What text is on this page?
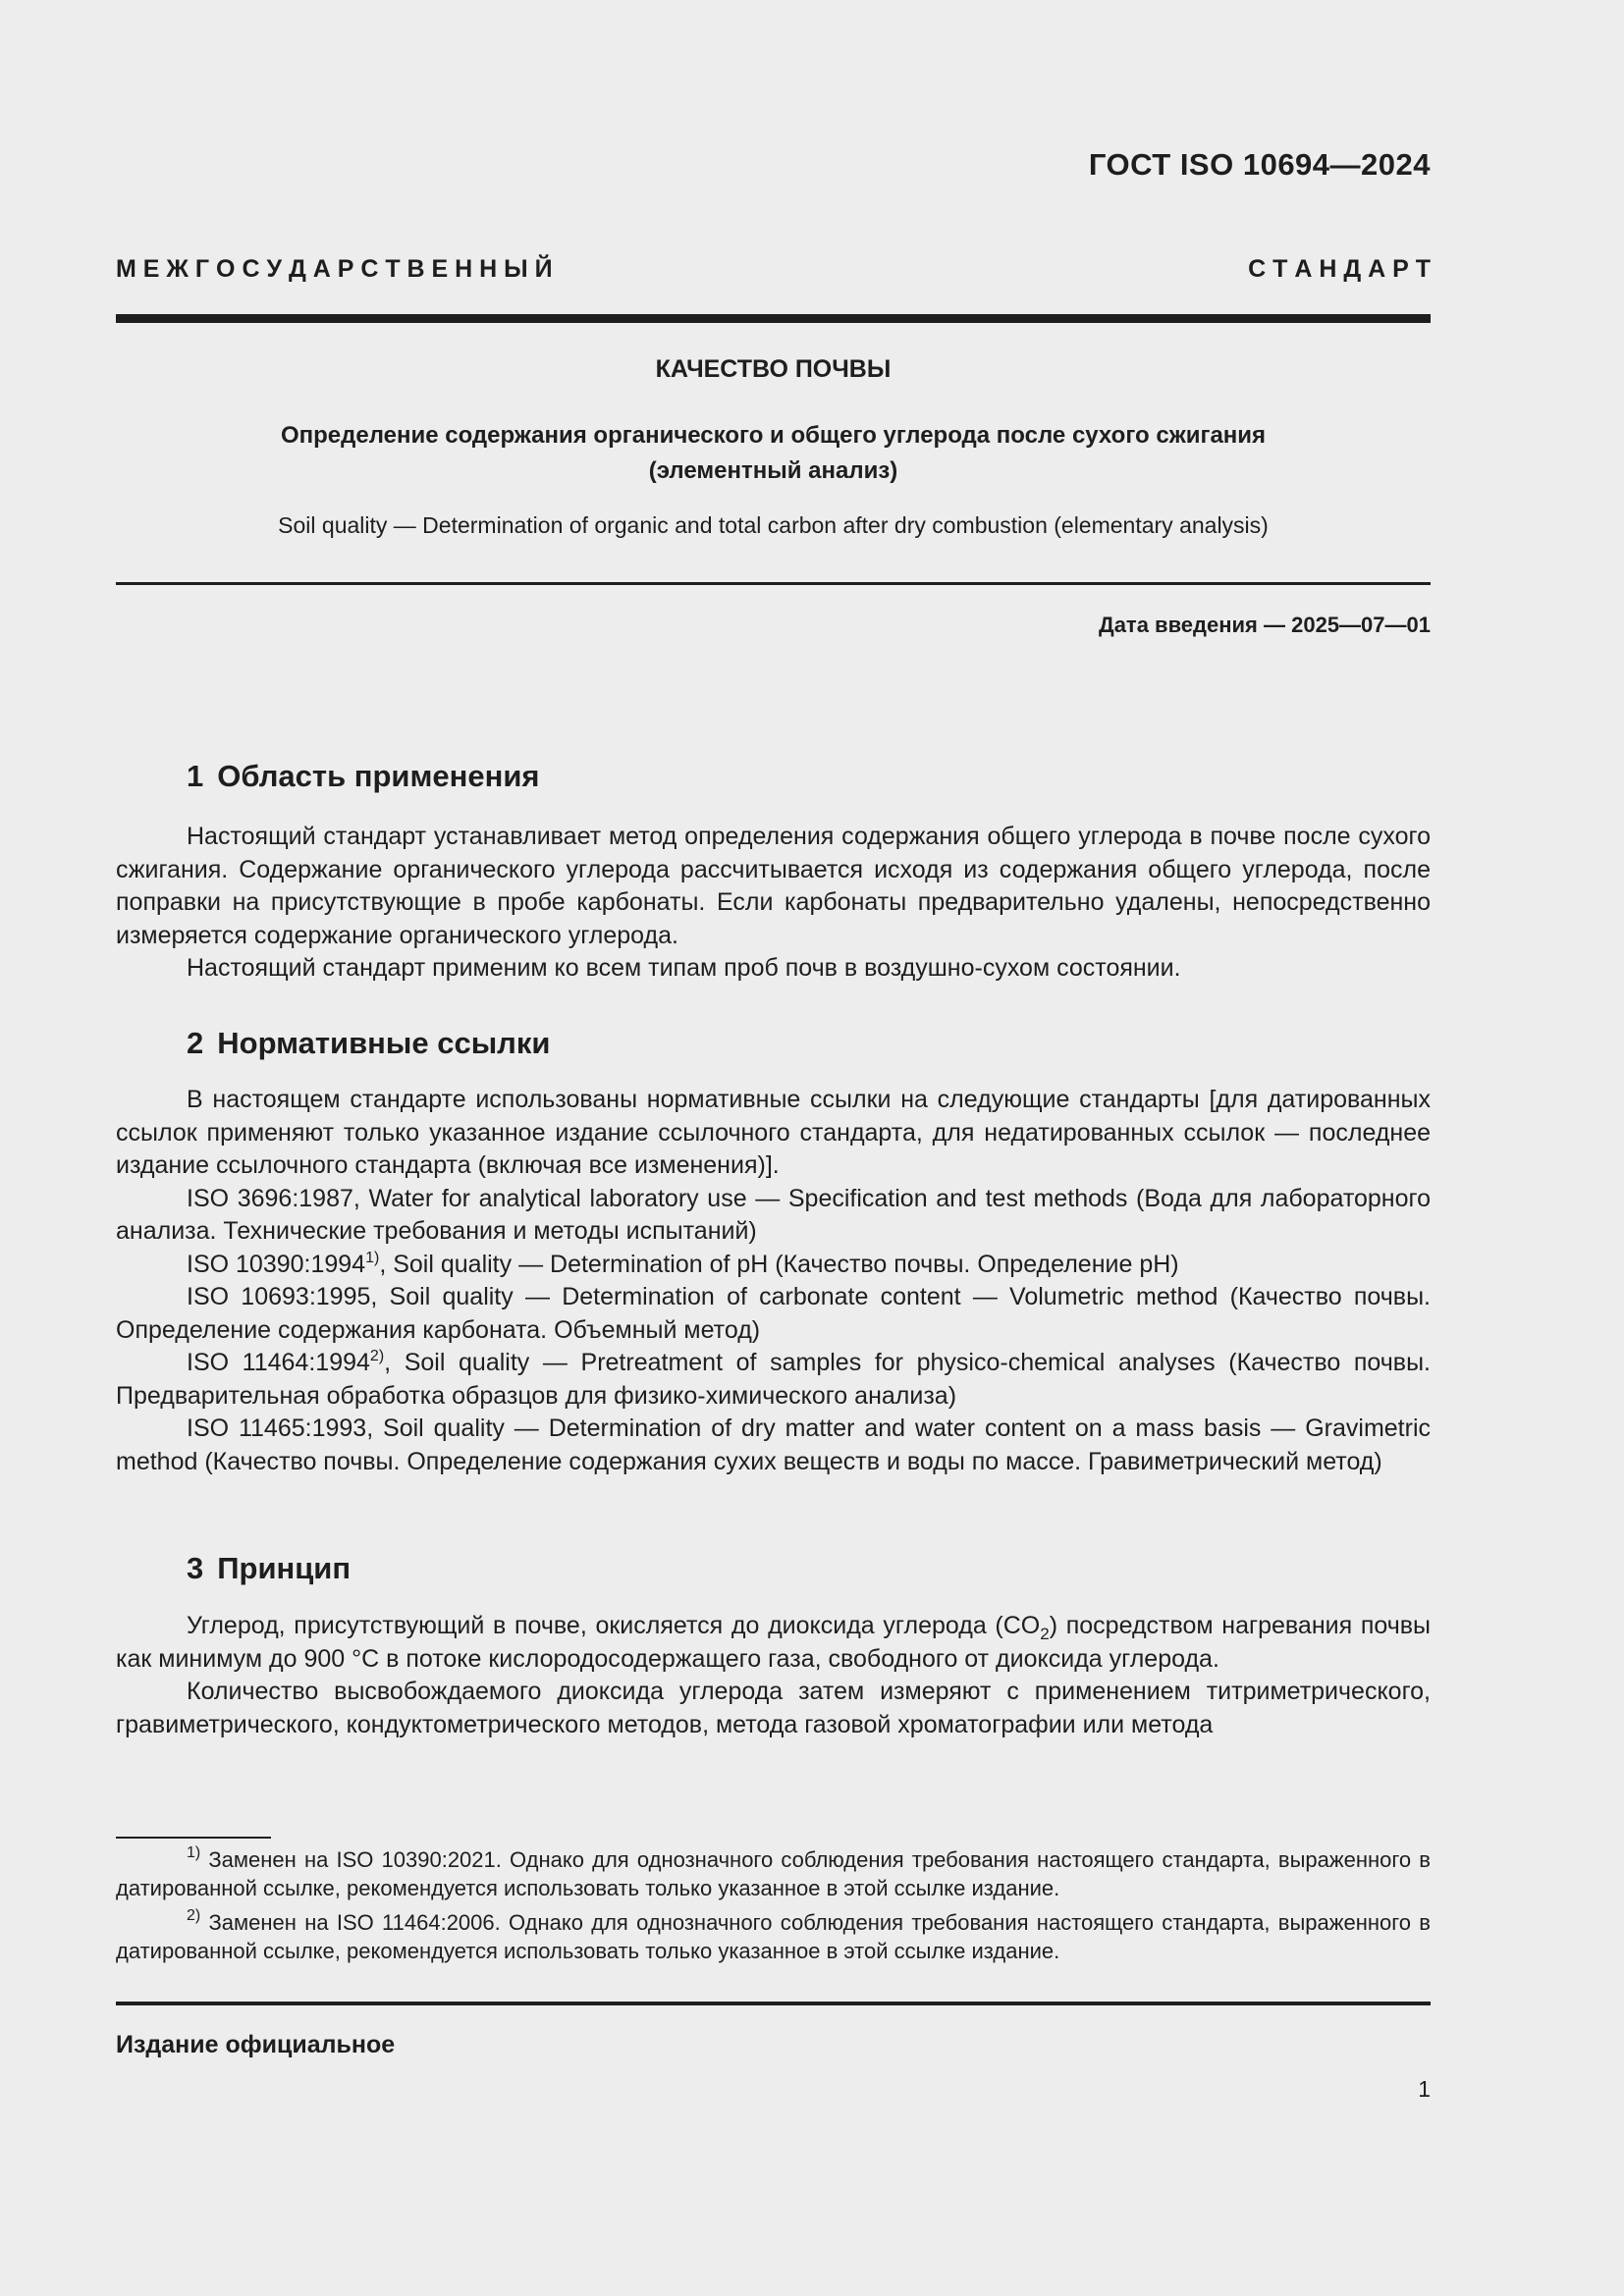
ГОСТ ISO 10694—2024
М Е Ж Г О С У Д А Р С Т В Е Н Н Ы Й	С Т А Н Д А Р Т
КАЧЕСТВО ПОЧВЫ
Определение содержания органического и общего углерода после сухого сжигания
(элементный анализ)
Soil quality — Determination of organic and total carbon after dry combustion (elementary analysis)
Дата введения — 2025—07—01
1 Область применения

Настоящий стандарт устанавливает метод определения содержания общего углерода в почве после сухого сжигания. Содержание органического углерода рассчитывается исходя из содержания общего углерода, после поправки на присутствующие в пробе карбонаты. Если карбонаты предварительно удалены, непосредственно измеряется содержание органического углерода.

Настоящий стандарт применим ко всем типам проб почв в воздушно-сухом состоянии.

2 Нормативные ссылки

В настоящем стандарте использованы нормативные ссылки на следующие стандарты [для датированных ссылок применяют только указанное издание ссылочного стандарта, для недатированных ссылок — последнее издание ссылочного стандарта (включая все изменения)].

ISO 3696:1987, Water for analytical laboratory use — Specification and test methods (Вода для лабораторного анализа. Технические требования и методы испытаний)

ISO 10390:1994$^{1)}$, Soil quality — Determination of pH (Качество почвы. Определение pH)

ISO 10693:1995, Soil quality — Determination of carbonate content — Volumetric method (Качество почвы. Определение содержания карбоната. Объемный метод)

ISO 11464:1994$^{2)}$, Soil quality — Pretreatment of samples for physico-chemical analyses (Качество почвы. Предварительная обработка образцов для физико-химического анализа)

ISO 11465:1993, Soil quality — Determination of dry matter and water content on a mass basis — Gravimetric method (Качество почвы. Определение содержания сухих веществ и воды по массе. Гравиметрический метод)

3 Принцип

Углерод, присутствующий в почве, окисляется до диоксида углерода $(CO_2)$ посредством нагревания почвы как минимум до 900 °С в потоке кислородосодержащего газа, свободного от диоксида углерода.

Количество высвобождаемого диоксида углерода затем измеряют с применением титриметрического, гравиметрического, кондуктометрического методов, метода газовой хроматографии или метода

$^{1)}$ Заменен на ISO 10390:2021. Однако для однозначного соблюдения требования настоящего стандарта, выраженного в датированной ссылке, рекомендуется использовать только указанное в этой ссылке издание.

$^{2)}$ Заменен на ISO 11464:2006. Однако для однозначного соблюдения требования настоящего стандарта, выраженного в датированной ссылке, рекомендуется использовать только указанное в этой ссылке издание.

Издание официальное
1
